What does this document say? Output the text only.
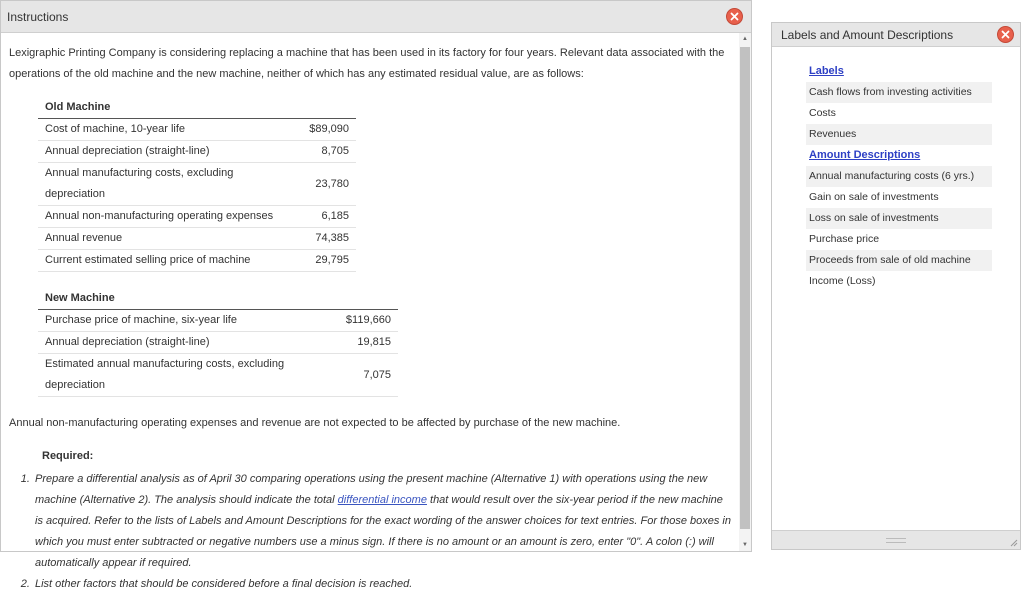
Instructions

Lexigraphic Printing Company is considering replacing a machine that has been used in its factory for four years. Relevant data associated with the operations of the old machine and the new machine, neither of which has any estimated residual value, are as follows:

Old Machine	
Cost of machine, 10-year life	$89,090
Annual depreciation (straight-line)	8,705
Annual manufacturing costs, excluding depreciation	23,780
Annual non-manufacturing operating expenses	6,185
Annual revenue	74,385
Current estimated selling price of machine	29,795
New Machine	
Purchase price of machine, six-year life	$119,660
Annual depreciation (straight-line)	19,815
Estimated annual manufacturing costs, excluding depreciation	7,075

Annual non-manufacturing operating expenses and revenue are not expected to be affected by purchase of the new machine.

Required:
1. Prepare a differential analysis as of April 30 comparing operations using the present machine (Alternative 1) with operations using the new machine (Alternative 2). The analysis should indicate the total differential income that would result over the six-year period if the new machine is acquired. Refer to the lists of Labels and Amount Descriptions for the exact wording of the answer choices for text entries. For those boxes in which you must enter subtracted or negative numbers use a minus sign. If there is no amount or an amount is zero, enter "0". A colon (:) will automatically appear if required.
2. List other factors that should be considered before a final decision is reached.
▲
▼
Labels and Amount Descriptions
Labels
Cash flows from investing activities
Costs
Revenues
Amount Descriptions
Annual manufacturing costs (6 yrs.)
Gain on sale of investments
Loss on sale of investments
Purchase price
Proceeds from sale of old machine
Income (Loss)
